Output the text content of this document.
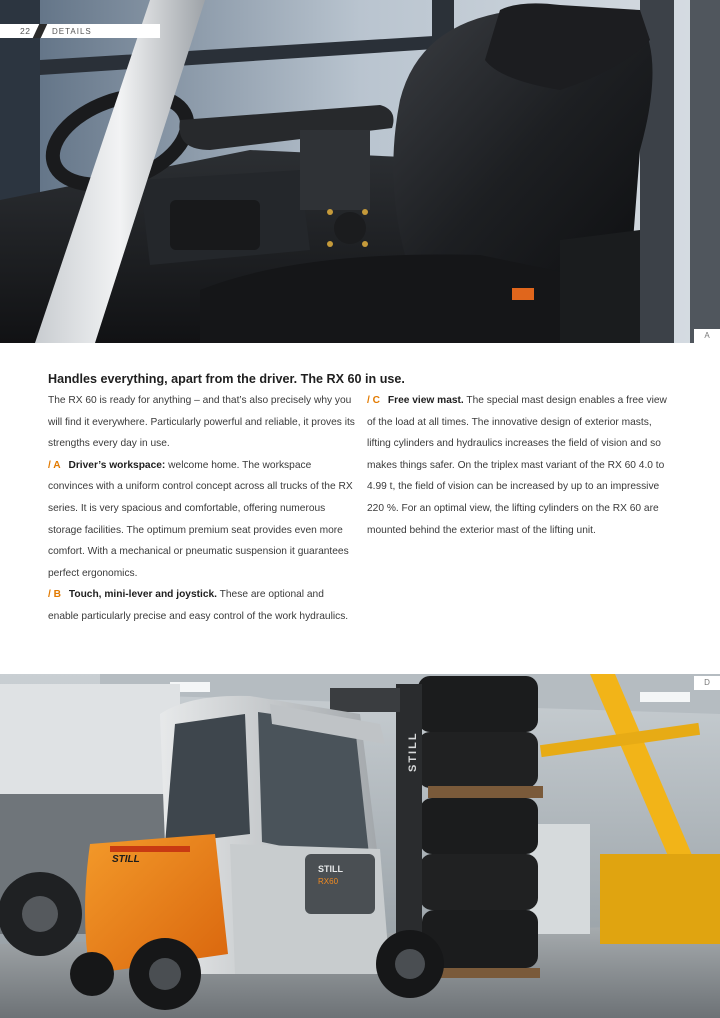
22	DETAILS
A
Handles everything, apart from the driver. The RX 60 in use.

The RX 60 is ready for anything – and that’s also precisely why you will find it everywhere. Particularly powerful and reliable, it proves its strengths every day in use.

/ A Driver’s workspace: welcome home. The workspace convinces with a uniform control concept across all trucks of the RX series. It is very spacious and comfortable, offering numerous storage facilities. The optimum premium seat provides even more comfort. With a mechanical or pneumatic suspension it guarantees perfect ergonomics.

/ B Touch, mini-lever and joystick. These are optional and enable particularly precise and easy control of the work hydraulics.

/ C Free view mast. The special mast design enables a free view of the load at all times. The innovative design of exterior masts, lifting cylinders and hydraulics increases the field of vision and so makes things safer. On the triplex mast variant of the RX 60 4.0 to 4.99 t, the field of vision can be increased by up to an impressive 220 %. For an optimal view, the lifting cylinders on the RX 60 are mounted behind the exterior mast of the lifting unit.

STILL
STILL
STILL
RX60
D
